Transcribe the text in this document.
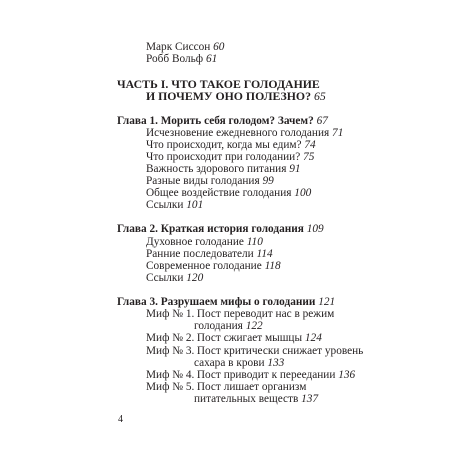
Марк Сиссон 60
Робб Вольф 61
ЧАСТЬ I. ЧТО ТАКОЕ ГОЛОДАНИЕ
И ПОЧЕМУ ОНО ПОЛЕЗНО? 65
Глава 1. Морить себя голодом? Зачем? 67
Исчезновение ежедневного голодания 71
Что происходит, когда мы едим? 74
Что происходит при голодании? 75
Важность здорового питания 91
Разные виды голодания 99
Общее воздействие голодания 100
Ссылки 101
Глава 2. Краткая история голодания 109
Духовное голодание 110
Ранние последователи 114
Современное голодание 118
Ссылки 120
Глава 3. Разрушаем мифы о голодании 121
Миф № 1. Пост переводит нас в режим
голодания 122
Миф № 2. Пост сжигает мышцы 124
Миф № 3. Пост критически снижает уровень
сахара в крови 133
Миф № 4. Пост приводит к переедании 136
Миф № 5. Пост лишает организм
питательных веществ 137
4
